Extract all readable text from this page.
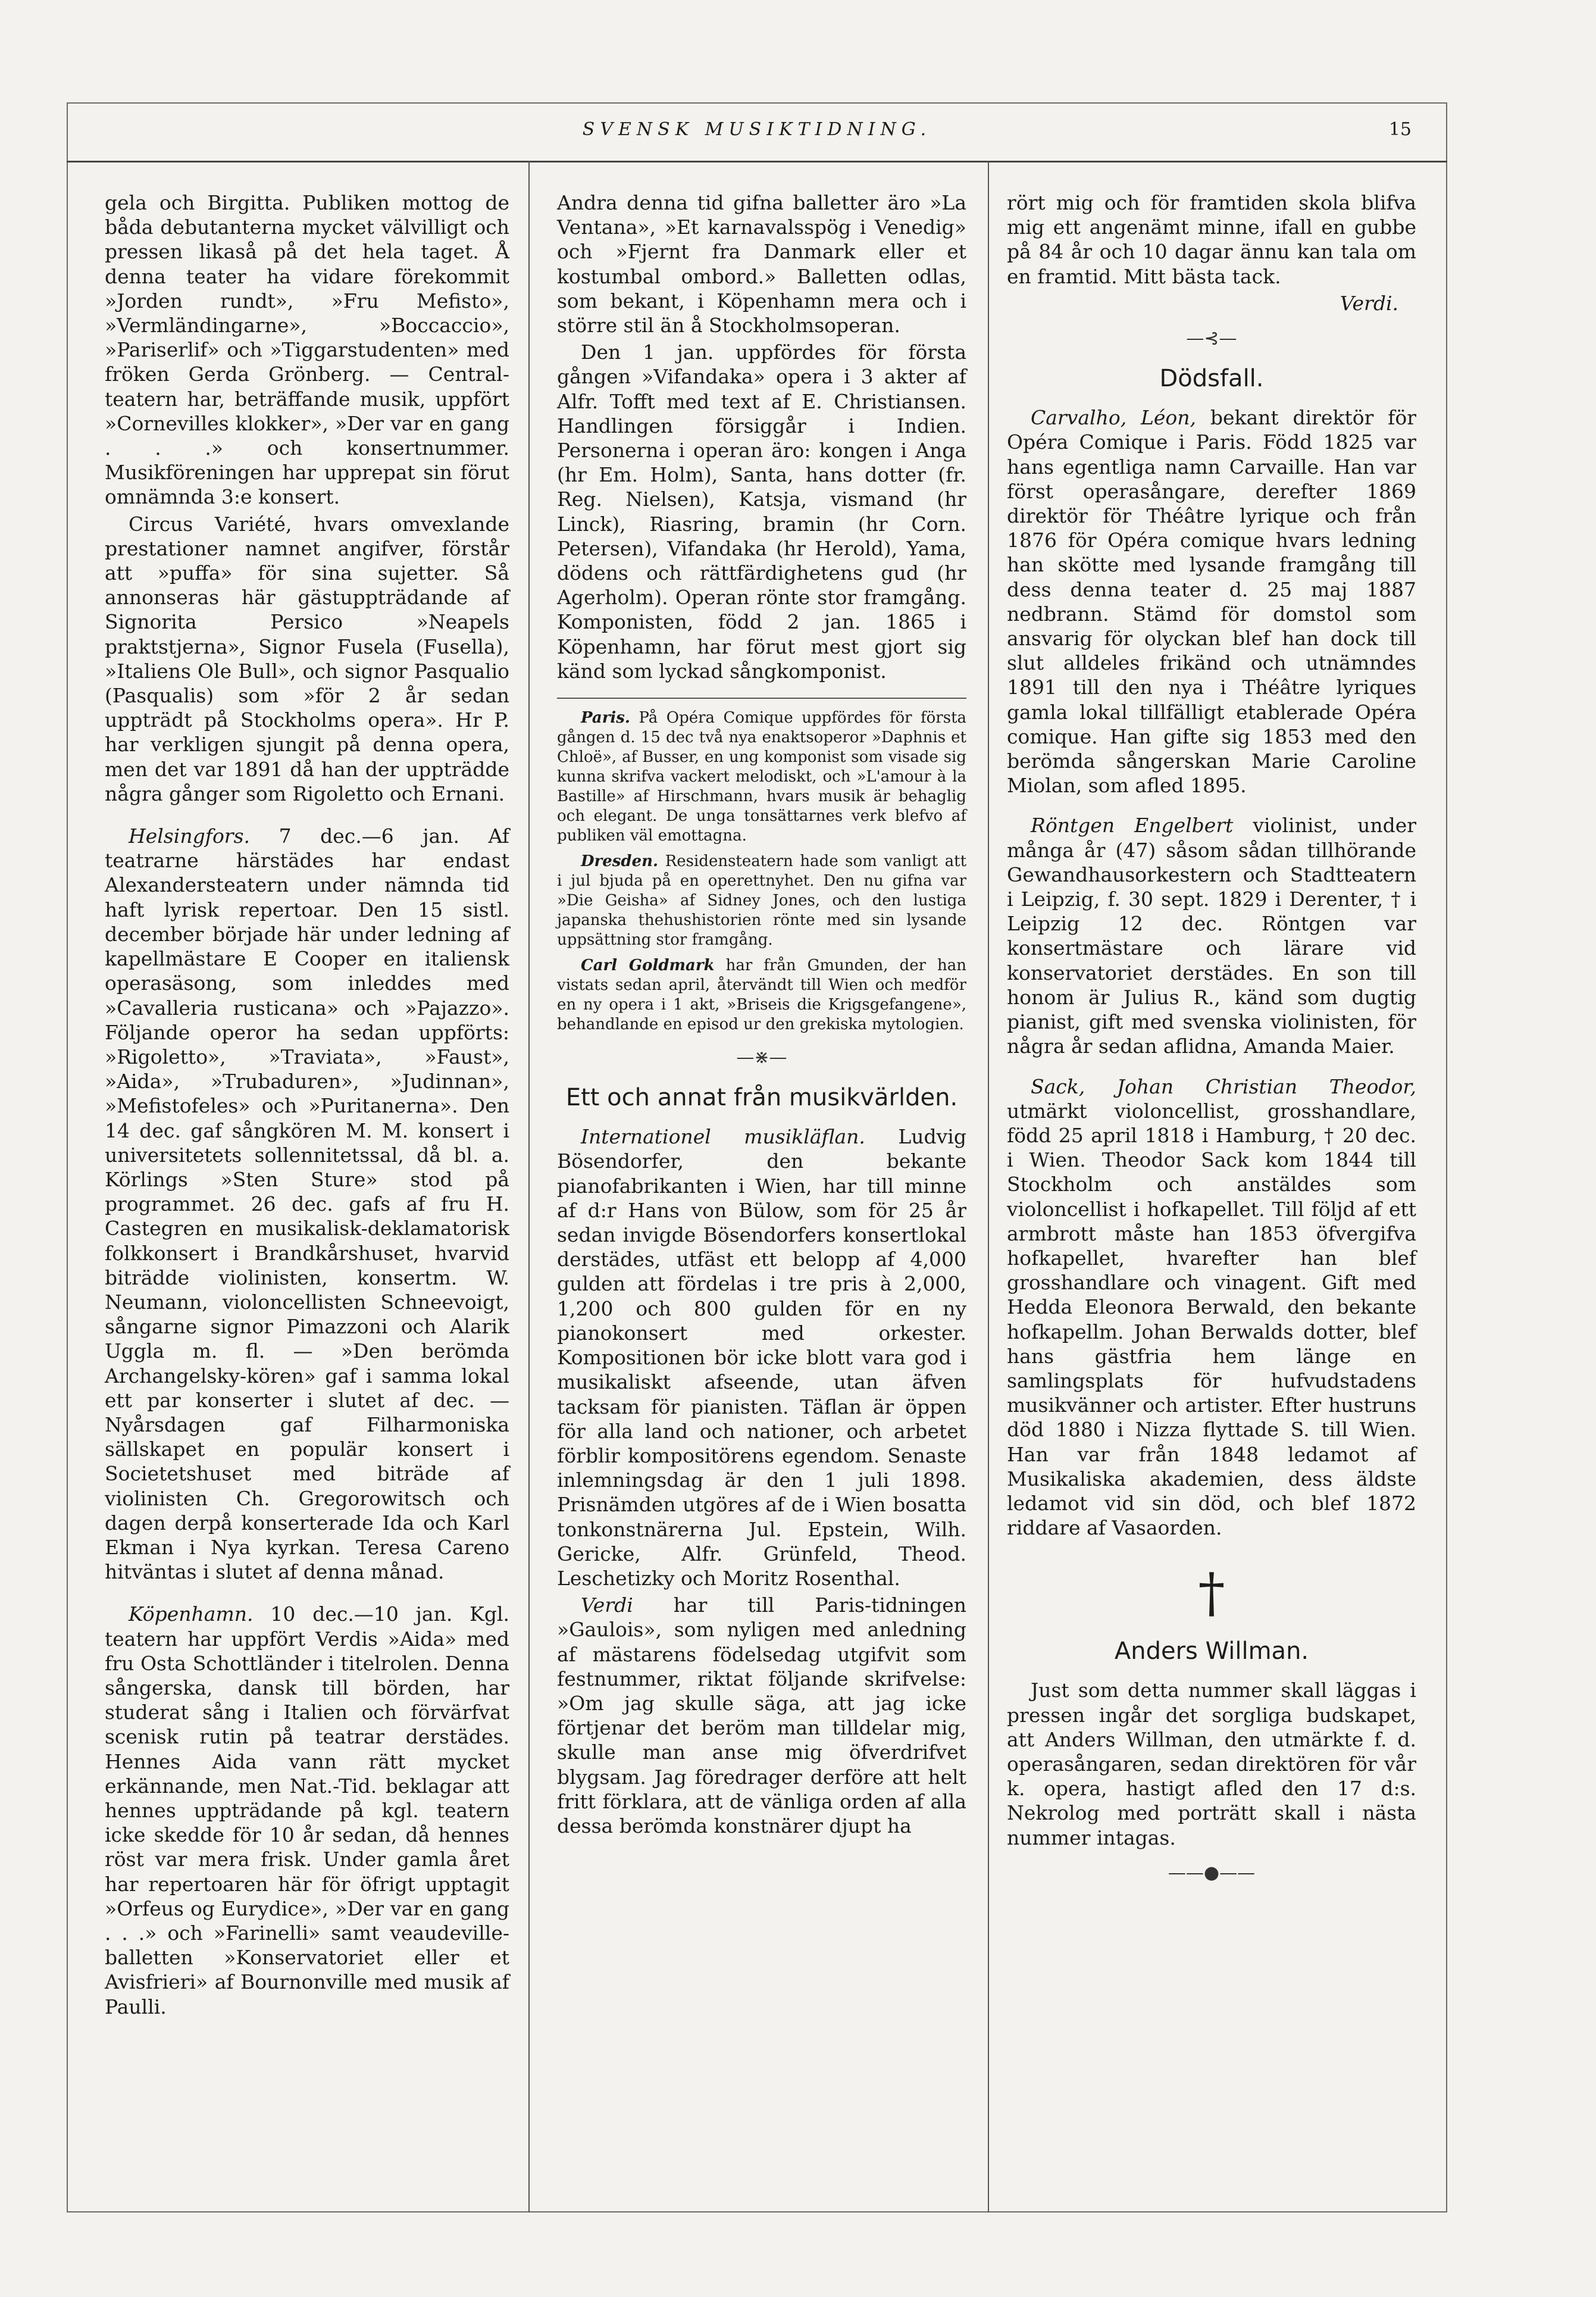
SVENSK MUSIKTIDNING.	15

gela och Birgitta. Publiken mottog de båda debutanterna mycket välvilligt och pressen likaså på det hela taget. Å denna teater ha vidare förekommit »Jorden rundt», »Fru Mefisto», »Vermländingarne», »Boccaccio», »Pariserlif» och »Tiggarstudenten» med fröken Gerda Grönberg. — Central-teatern har, beträffande musik, uppfört »Cornevilles klokker», »Der var en gang . . .» och konsertnummer. Musikföreningen har upprepat sin förut omnämnda 3:e konsert.

Circus Variété, hvars omvexlande prestationer namnet angifver, förstår att »puffa» för sina sujetter. Så annonseras här gästuppträdande af Signorita Persico »Neapels praktstjerna», Signor Fusela (Fusella), »Italiens Ole Bull», och signor Pasqualio (Pasqualis) som »för 2 år sedan uppträdt på Stockholms opera». Hr P. har verkligen sjungit på denna opera, men det var 1891 då han der uppträdde några gånger som Rigoletto och Ernani.

Helsingfors. 7 dec.—6 jan. Af teatrarne härstädes har endast Alexandersteatern under nämnda tid haft lyrisk repertoar. Den 15 sistl. december började här under ledning af kapellmästare E Cooper en italiensk operasäsong, som inleddes med »Cavalleria rusticana» och »Pajazzo». Följande operor ha sedan uppförts: »Rigoletto», »Traviata», »Faust», »Aida», »Trubaduren», »Judinnan», »Mefistofeles» och »Puritanerna». Den 14 dec. gaf sångkören M. M. konsert i universitetets sollennitetssal, då bl. a. Körlings »Sten Sture» stod på programmet. 26 dec. gafs af fru H. Castegren en musikalisk-deklamatorisk folkkonsert i Brandkårshuset, hvarvid biträdde violinisten, konsertm. W. Neumann, violoncellisten Schneevoigt, sångarne signor Pimazzoni och Alarik Uggla m. fl. — »Den berömda Archangelsky-kören» gaf i samma lokal ett par konserter i slutet af dec. — Nyårsdagen gaf Filharmoniska sällskapet en populär konsert i Societetshuset med biträde af violinisten Ch. Gregorowitsch och dagen derpå konserterade Ida och Karl Ekman i Nya kyrkan. Teresa Careno hitväntas i slutet af denna månad.

Köpenhamn. 10 dec.—10 jan. Kgl. teatern har uppfört Verdis »Aida» med fru Osta Schottländer i titelrolen. Denna sångerska, dansk till börden, har studerat sång i Italien och förvärfvat scenisk rutin på teatrar derstädes. Hennes Aida vann rätt mycket erkännande, men Nat.-Tid. beklagar att hennes uppträdande på kgl. teatern icke skedde för 10 år sedan, då hennes röst var mera frisk. Under gamla året har repertoaren här för öfrigt upptagit »Orfeus og Eurydice», »Der var en gang . . .» och »Farinelli» samt veaudeville-balletten »Konservatoriet eller et Avisfrieri» af Bournonville med musik af Paulli.

Andra denna tid gifna balletter äro »La Ventana», »Et karnavalsspög i Venedig» och »Fjernt fra Danmark eller et kostumbal ombord.» Balletten odlas, som bekant, i Köpenhamn mera och i större stil än å Stockholmsoperan.

Den 1 jan. uppfördes för första gången »Vifandaka» opera i 3 akter af Alfr. Tofft med text af E. Christiansen. Handlingen försiggår i Indien. Personerna i operan äro: kongen i Anga (hr Em. Holm), Santa, hans dotter (fr. Reg. Nielsen), Katsja, vismand (hr Linck), Riasring, bramin (hr Corn. Petersen), Vifandaka (hr Herold), Yama, dödens och rättfärdighetens gud (hr Agerholm). Operan rönte stor framgång. Komponisten, född 2 jan. 1865 i Köpenhamn, har förut mest gjort sig känd som lyckad sångkomponist.

Paris. På Opéra Comique uppfördes för första gången d. 15 dec två nya enaktsoperor »Daphnis et Chloë», af Busser, en ung komponist som visade sig kunna skrifva vackert melodiskt, och »L'amour à la Bastille» af Hirschmann, hvars musik är behaglig och elegant. De unga tonsättarnes verk blefvo af publiken väl emottagna.

Dresden. Residensteatern hade som vanligt att i jul bjuda på en operettnyhet. Den nu gifna var »Die Geisha» af Sidney Jones, och den lustiga japanska thehushistorien rönte med sin lysande uppsättning stor framgång.

Carl Goldmark har från Gmunden, der han vistats sedan april, återvändt till Wien och medför en ny opera i 1 akt, »Briseis die Krigsgefangene», behandlande en episod ur den grekiska mytologien.

—⋇—
Ett och annat från musikvärlden.

Internationel musikläflan. Ludvig Bösendorfer, den bekante pianofabrikanten i Wien, har till minne af d:r Hans von Bülow, som för 25 år sedan invigde Bösendorfers konsertlokal derstädes, utfäst ett belopp af 4,000 gulden att fördelas i tre pris à 2,000, 1,200 och 800 gulden för en ny pianokonsert med orkester. Kompositionen bör icke blott vara god i musikaliskt afseende, utan äfven tacksam för pianisten. Täflan är öppen för alla land och nationer, och arbetet förblir kompositörens egendom. Senaste inlemningsdag är den 1 juli 1898. Prisnämden utgöres af de i Wien bosatta tonkonstnärerna Jul. Epstein, Wilh. Gericke, Alfr. Grünfeld, Theod. Leschetizky och Moritz Rosenthal.

Verdi har till Paris-tidningen »Gaulois», som nyligen med anledning af mästarens födelsedag utgifvit som festnummer, riktat följande skrifvelse: »Om jag skulle säga, att jag icke förtjenar det beröm man tilldelar mig, skulle man anse mig öfverdrifvet blygsam. Jag föredrager derföre att helt fritt förklara, att de vänliga orden af alla dessa berömda konstnärer djupt ha

rört mig och för framtiden skola blifva mig ett angenämt minne, ifall en gubbe på 84 år och 10 dagar ännu kan tala om en framtid. Mitt bästa tack.

Verdi.
—⊰—
Dödsfall.

Carvalho, Léon, bekant direktör för Opéra Comique i Paris. Född 1825 var hans egentliga namn Carvaille. Han var först operasångare, derefter 1869 direktör för Théâtre lyrique och från 1876 för Opéra comique hvars ledning han skötte med lysande framgång till dess denna teater d. 25 maj 1887 nedbrann. Stämd för domstol som ansvarig för olyckan blef han dock till slut alldeles frikänd och utnämndes 1891 till den nya i Théâtre lyriques gamla lokal tillfälligt etablerade Opéra comique. Han gifte sig 1853 med den berömda sångerskan Marie Caroline Miolan, som afled 1895.

Röntgen Engelbert violinist, under många år (47) såsom sådan tillhörande Gewandhausorkestern och Stadtteatern i Leipzig, f. 30 sept. 1829 i Derenter, † i Leipzig 12 dec. Röntgen var konsertmästare och lärare vid konservatoriet derstädes. En son till honom är Julius R., känd som dugtig pianist, gift med svenska violinisten, för några år sedan aflidna, Amanda Maier.

Sack, Johan Christian Theodor, utmärkt violoncellist, grosshandlare, född 25 april 1818 i Hamburg, † 20 dec. i Wien. Theodor Sack kom 1844 till Stockholm och anstäldes som violoncellist i hofkapellet. Till följd af ett armbrott måste han 1853 öfvergifva hofkapellet, hvarefter han blef grosshandlare och vinagent. Gift med Hedda Eleonora Berwald, den bekante hofkapellm. Johan Berwalds dotter, blef hans gästfria hem länge en samlingsplats för hufvudstadens musikvänner och artister. Efter hustruns död 1880 i Nizza flyttade S. till Wien. Han var från 1848 ledamot af Musikaliska akademien, dess äldste ledamot vid sin död, och blef 1872 riddare af Vasaorden.

†
Anders Willman.

Just som detta nummer skall läggas i pressen ingår det sorgliga budskapet, att Anders Willman, den utmärkte f. d. operasångaren, sedan direktören för vår k. opera, hastigt afled den 17 d:s. Nekrolog med porträtt skall i nästa nummer intagas.

——●——
